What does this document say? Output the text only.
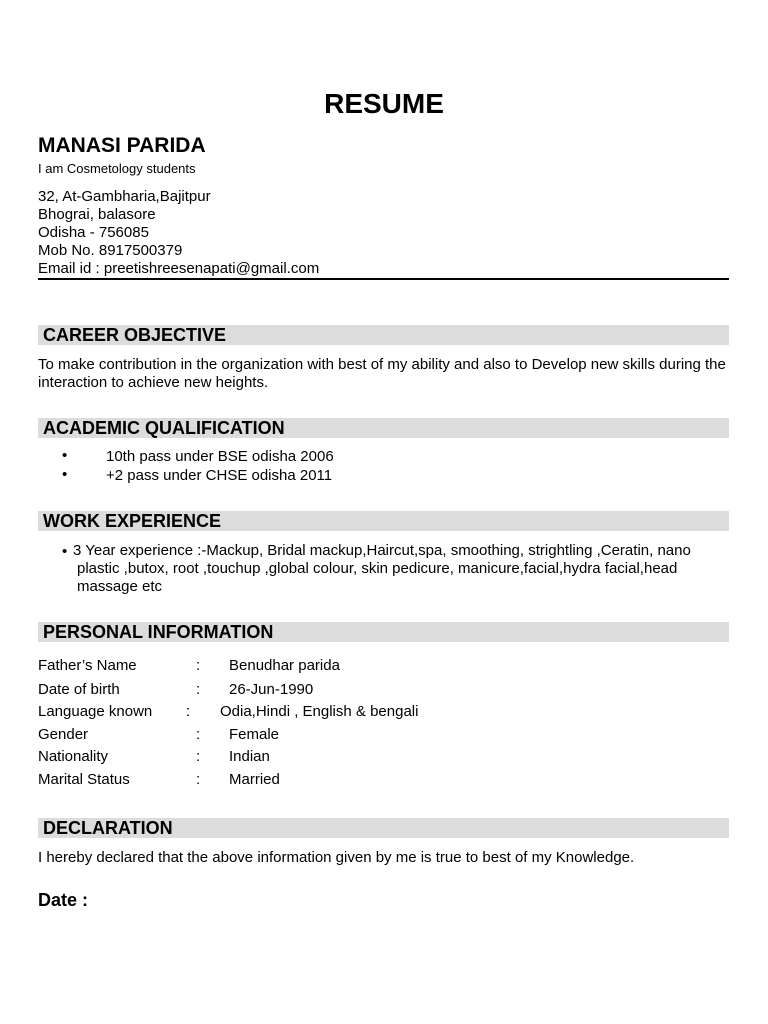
RESUME
MANASI PARIDA
I am Cosmetology students
32, At-Gambharia,Bajitpur
Bhograi, balasore
Odisha - 756085
Mob No. 8917500379
Email id : preetishreesenapati@gmail.com
CAREER OBJECTIVE
To make contribution in the organization with best of my ability and also to Develop new skills during the interaction to achieve new heights.
ACADEMIC QUALIFICATION
•	10th pass under BSE odisha 2006
•	+2 pass under CHSE odisha 2011
WORK EXPERIENCE
• 3 Year experience :-Mackup, Bridal mackup,Haircut,spa, smoothing, strightling ,Ceratin, nano
plastic ,butox, root ,touchup ,global colour, skin pedicure, manicure,facial,hydra facial,head
massage etc
PERSONAL INFORMATION
Father’s Name	: Benudhar parida
Date of birth	: 26-Jun-1990
Language known : Odia,Hindi , English & bengali
Gender	: Female
Nationality	: Indian
Marital Status	: Married
DECLARATION
I hereby declared that the above information given by me is true to best of my Knowledge.
Date :
